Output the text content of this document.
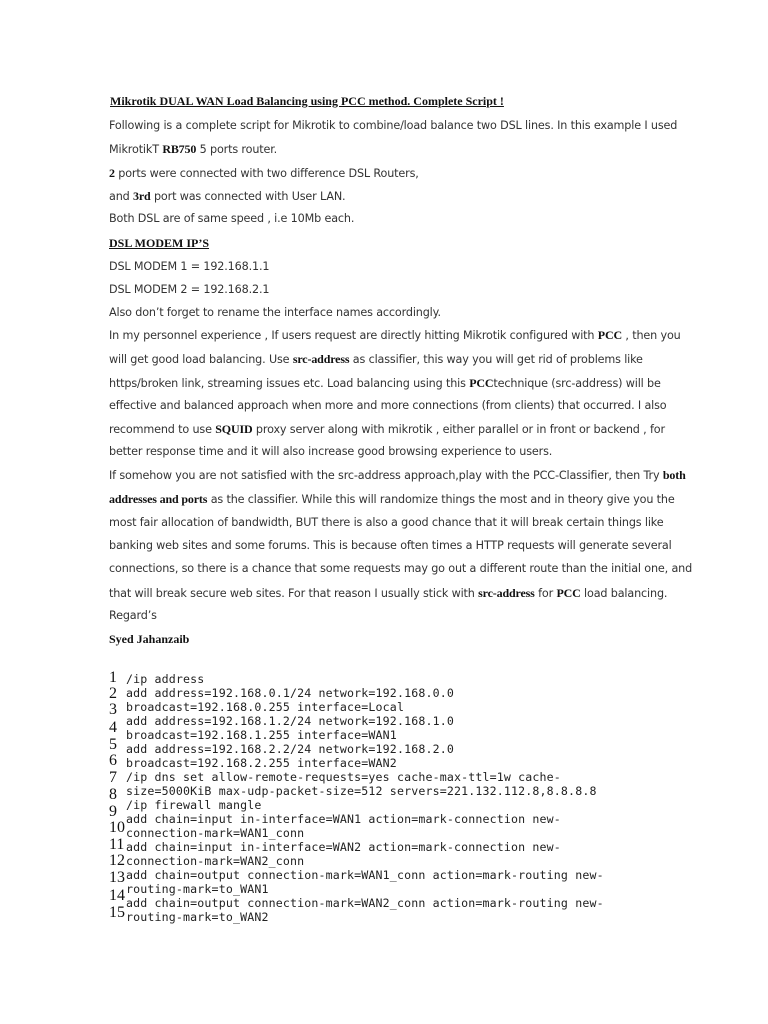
Mikrotik DUAL WAN Load Balancing using PCC method. Complete Script !
Following is a complete script for Mikrotik to combine/load balance two DSL lines. In this example I used
MikrotikT RB750 5 ports router.
2 ports were connected with two difference DSL Routers,
and 3rd port was connected with User LAN.
Both DSL are of same speed , i.e 10Mb each.
DSL MODEM IP’S
DSL MODEM 1 = 192.168.1.1
DSL MODEM 2 = 192.168.2.1
Also don’t forget to rename the interface names accordingly.
In my personnel experience , If users request are directly hitting Mikrotik configured with PCC , then you
will get good load balancing. Use src-address as classifier, this way you will get rid of problems like
https/broken link, streaming issues etc. Load balancing using this PCCtechnique (src-address) will be
effective and balanced approach when more and more connections (from clients) that occurred. I also
recommend to use SQUID proxy server along with mikrotik , either parallel or in front or backend , for
better response time and it will also increase good browsing experience to users.
If somehow you are not satisfied with the src-address approach,play with the PCC-Classifier, then Try both
addresses and ports as the classifier. While this will randomize things the most and in theory give you the
most fair allocation of bandwidth, BUT there is also a good chance that it will break certain things like
banking web sites and some forums. This is because often times a HTTP requests will generate several
connections, so there is a chance that some requests may go out a different route than the initial one, and
that will break secure web sites. For that reason I usually stick with src-address for PCC load balancing.
Regard’s
Syed Jahanzaib
1
2
3
4
5
6
7
8
9
10
11
12
13
14
15
/ip address
add address=192.168.0.1/24 network=192.168.0.0
broadcast=192.168.0.255 interface=Local
add address=192.168.1.2/24 network=192.168.1.0
broadcast=192.168.1.255 interface=WAN1
add address=192.168.2.2/24 network=192.168.2.0
broadcast=192.168.2.255 interface=WAN2
/ip dns set allow-remote-requests=yes cache-max-ttl=1w cache-
size=5000KiB max-udp-packet-size=512 servers=221.132.112.8,8.8.8.8
/ip firewall mangle
add chain=input in-interface=WAN1 action=mark-connection new-
connection-mark=WAN1_conn
add chain=input in-interface=WAN2 action=mark-connection new-
connection-mark=WAN2_conn
add chain=output connection-mark=WAN1_conn action=mark-routing new-
routing-mark=to_WAN1
add chain=output connection-mark=WAN2_conn action=mark-routing new-
routing-mark=to_WAN2
